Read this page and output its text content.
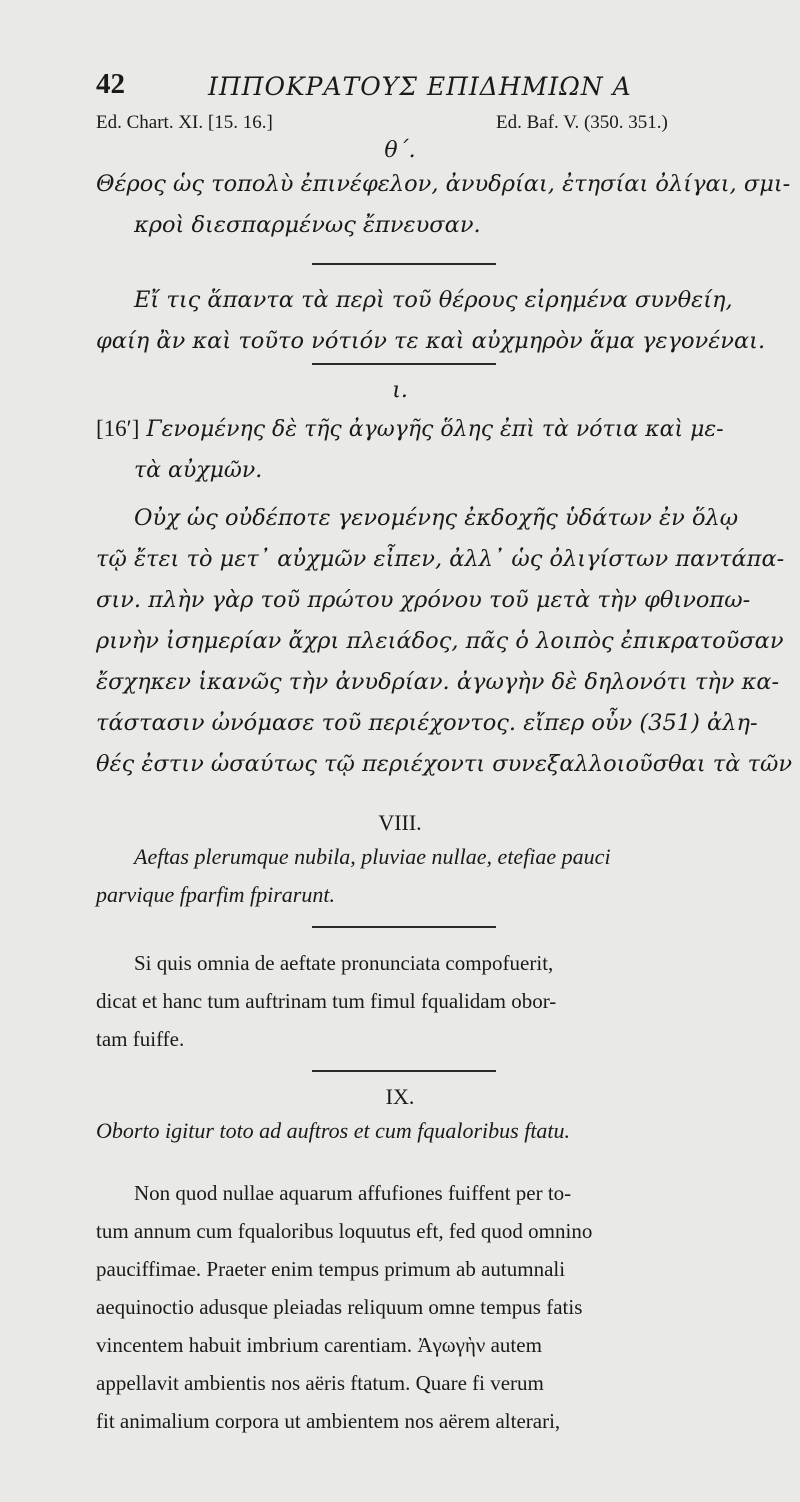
42	ΙΠΠΟΚΡΑΤΟΥΣ ΕΠΙΔΗΜΙΩΝ Α
Ed. Chart. XI. [15. 16.]	Ed. Baf. V. (350. 351.)
θ΄.

Θέρος ὡς τοπολὺ ἐπινέφελον, ἀνυδρίαι, ἐτησίαι ὀλίγαι, σμι-
κροὶ διεσπαρμένως ἔπνευσαν.

Εἴ τις ἅπαντα τὰ περὶ τοῦ θέρους εἰρημένα συνθείη,
φαίη ἂν καὶ τοῦτο νότιόν τε καὶ αὐχμηρὸν ἅμα γεγονέναι.

ι.
[16′] Γενομένης δὲ τῆς ἀγωγῆς ὅλης ἐπὶ τὰ νότια καὶ με-
τὰ αὐχμῶν.

Οὐχ ὡς οὐδέποτε γενομένης ἐκδοχῆς ὑδάτων ἐν ὅλῳ
τῷ ἔτει τὸ μετ᾽ αὐχμῶν εἶπεν, ἀλλ᾽ ὡς ὀλιγίστων παντάπα-
σιν. πλὴν γὰρ τοῦ πρώτου χρόνου τοῦ μετὰ τὴν φθινοπω-
ρινὴν ἰσημερίαν ἄχρι πλειάδος, πᾶς ὁ λοιπὸς ἐπικρατοῦσαν
ἔσχηκεν ἱκανῶς τὴν ἀνυδρίαν. ἀγωγὴν δὲ δηλονότι τὴν κα-
τάστασιν ὠνόμασε τοῦ περιέχοντος. εἴπερ οὖν (351) ἀλη-
θές ἐστιν ὡσαύτως τῷ περιέχοντι συνεξαλλοιοῦσθαι τὰ τῶν

VIII.

Aeftas plerumque nubila, pluviae nullae, etefiae pauci
parvique fparfim fpirarunt.

Si quis omnia de aeftate pronunciata compofuerit,
dicat et hanc tum auftrinam tum fimul fqualidam obor-
tam fuiffe.

IX.

Oborto igitur toto ad auftros et cum fqualoribus ftatu.

Non quod nullae aquarum affufiones fuiffent per to-
tum annum cum fqualoribus loquutus eft, fed quod omnino
pauciffimae. Praeter enim tempus primum ab autumnali
aequinoctio adusque pleiadas reliquum omne tempus fatis
vincentem habuit imbrium carentiam. Ἀγωγὴν autem
appellavit ambientis nos aëris ftatum. Quare fi verum
fit animalium corpora ut ambientem nos aërem alterari,
